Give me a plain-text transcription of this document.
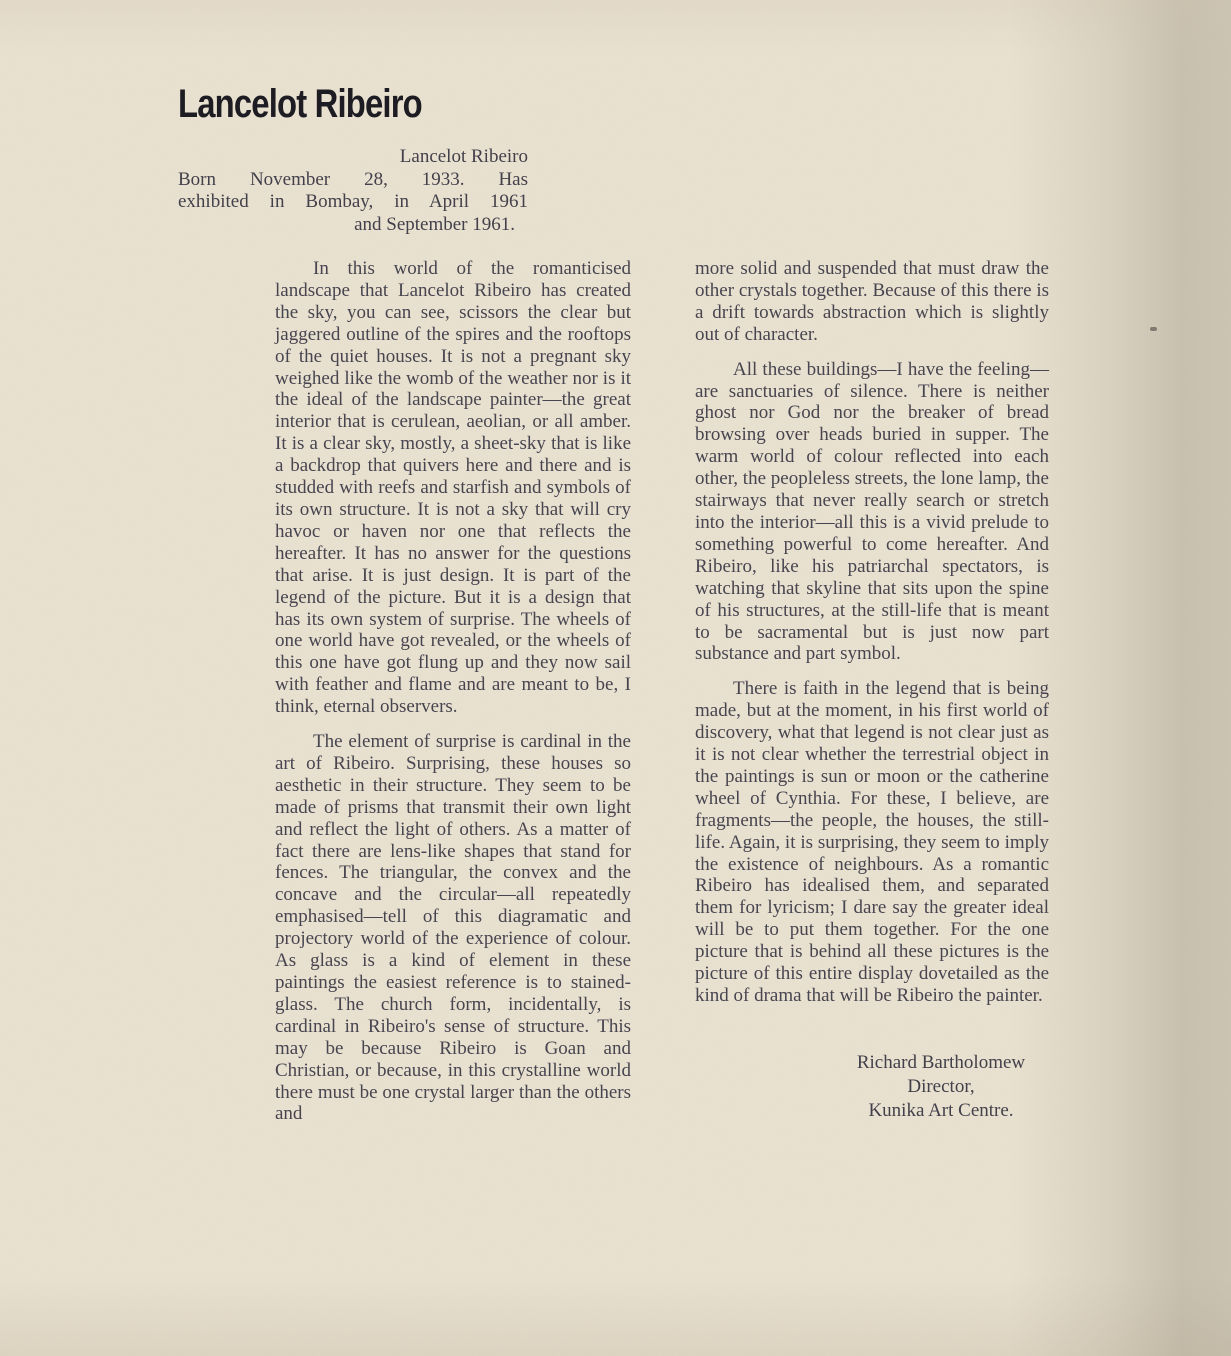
Lancelot Ribeiro
Lancelot Ribeiro
Born November 28, 1933. Has
exhibited in Bombay, in April 1961
and September 1961.

In this world of the romanticised landscape that Lancelot Ribeiro has created the sky, you can see, scissors the clear but jaggered outline of the spires and the rooftops of the quiet houses. It is not a pregnant sky weighed like the womb of the weather nor is it the ideal of the landscape painter—the great interior that is cerulean, aeolian, or all amber. It is a clear sky, mostly, a sheet-sky that is like a backdrop that quivers here and there and is studded with reefs and starfish and symbols of its own structure. It is not a sky that will cry havoc or haven nor one that reflects the hereafter. It has no answer for the questions that arise. It is just design. It is part of the legend of the picture. But it is a design that has its own system of surprise. The wheels of one world have got revealed, or the wheels of this one have got flung up and they now sail with feather and flame and are meant to be, I think, eternal observers.

The element of surprise is cardinal in the art of Ribeiro. Surprising, these houses so aesthetic in their structure. They seem to be made of prisms that transmit their own light and reflect the light of others. As a matter of fact there are lens-like shapes that stand for fences. The triangular, the convex and the concave and the circular—all repeatedly emphasised—tell of this diagramatic and projectory world of the experience of colour. As glass is a kind of element in these paintings the easiest reference is to stained-glass. The church form, incidentally, is cardinal in Ribeiro's sense of structure. This may be because Ribeiro is Goan and Christian, or because, in this crystalline world there must be one crystal larger than the others and

more solid and suspended that must draw the other crystals together. Because of this there is a drift towards abstraction which is slightly out of character.

All these buildings—I have the feeling—are sanctuaries of silence. There is neither ghost nor God nor the breaker of bread browsing over heads buried in supper. The warm world of colour reflected into each other, the peopleless streets, the lone lamp, the stairways that never really search or stretch into the interior—all this is a vivid prelude to something powerful to come hereafter. And Ribeiro, like his patriarchal spectators, is watching that skyline that sits upon the spine of his structures, at the still-life that is meant to be sacramental but is just now part substance and part symbol.

There is faith in the legend that is being made, but at the moment, in his first world of discovery, what that legend is not clear just as it is not clear whether the terrestrial object in the paintings is sun or moon or the catherine wheel of Cynthia. For these, I believe, are fragments—the people, the houses, the still-life. Again, it is surprising, they seem to imply the existence of neighbours. As a romantic Ribeiro has idealised them, and separated them for lyricism; I dare say the greater ideal will be to put them together. For the one picture that is behind all these pictures is the picture of this entire display dovetailed as the kind of drama that will be Ribeiro the painter.

Richard Bartholomew
Director,
Kunika Art Centre.
